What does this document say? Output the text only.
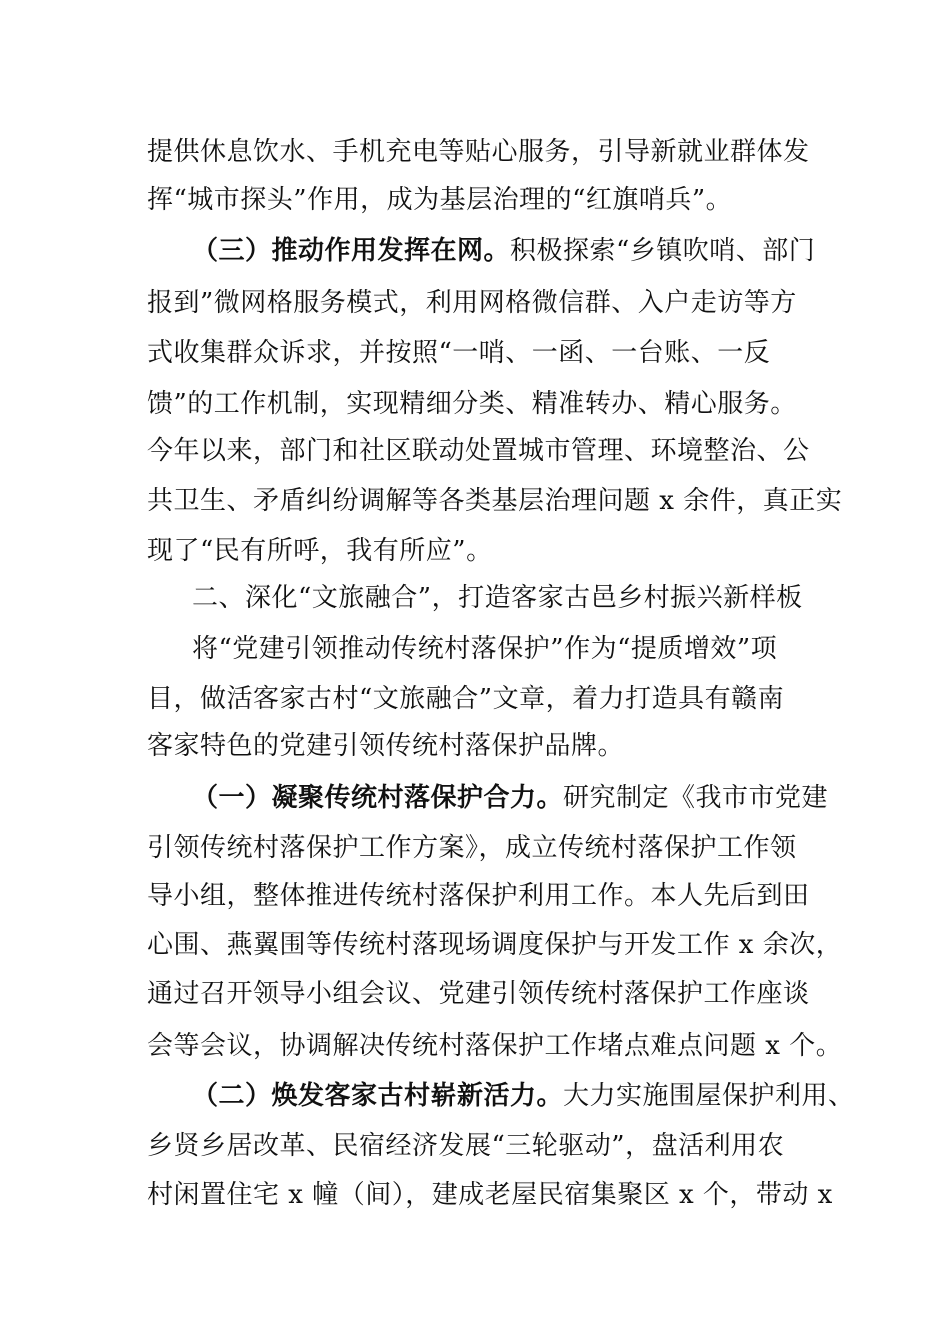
提供休息饮水、手机充电等贴心服务，引导新就业群体发
挥“城市探头”作用，成为基层治理的“红旗哨兵”。
（三）推动作用发挥在网。积极探索“乡镇吹哨、部门
报到”微网格服务模式，利用网格微信群、入户走访等方
式收集群众诉求，并按照“一哨、一函、一台账、一反
馈”的工作机制，实现精细分类、精准转办、精心服务。
今年以来，部门和社区联动处置城市管理、环境整治、公
共卫生、矛盾纠纷调解等各类基层治理问题 x 余件，真正实
现了“民有所呼，我有所应”。
二、深化“文旅融合”，打造客家古邑乡村振兴新样板
将“党建引领推动传统村落保护”作为“提质增效”项
目，做活客家古村“文旅融合”文章，着力打造具有赣南
客家特色的党建引领传统村落保护品牌。
（一）凝聚传统村落保护合力。研究制定《我市市党建
引领传统村落保护工作方案》，成立传统村落保护工作领
导小组，整体推进传统村落保护利用工作。本人先后到田
心围、燕翼围等传统村落现场调度保护与开发工作 x 余次，
通过召开领导小组会议、党建引领传统村落保护工作座谈
会等会议，协调解决传统村落保护工作堵点难点问题 x 个。
（二）焕发客家古村崭新活力。大力实施围屋保护利用、
乡贤乡居改革、民宿经济发展“三轮驱动”，盘活利用农
村闲置住宅 x 幢（间），建成老屋民宿集聚区 x 个，带动 x
